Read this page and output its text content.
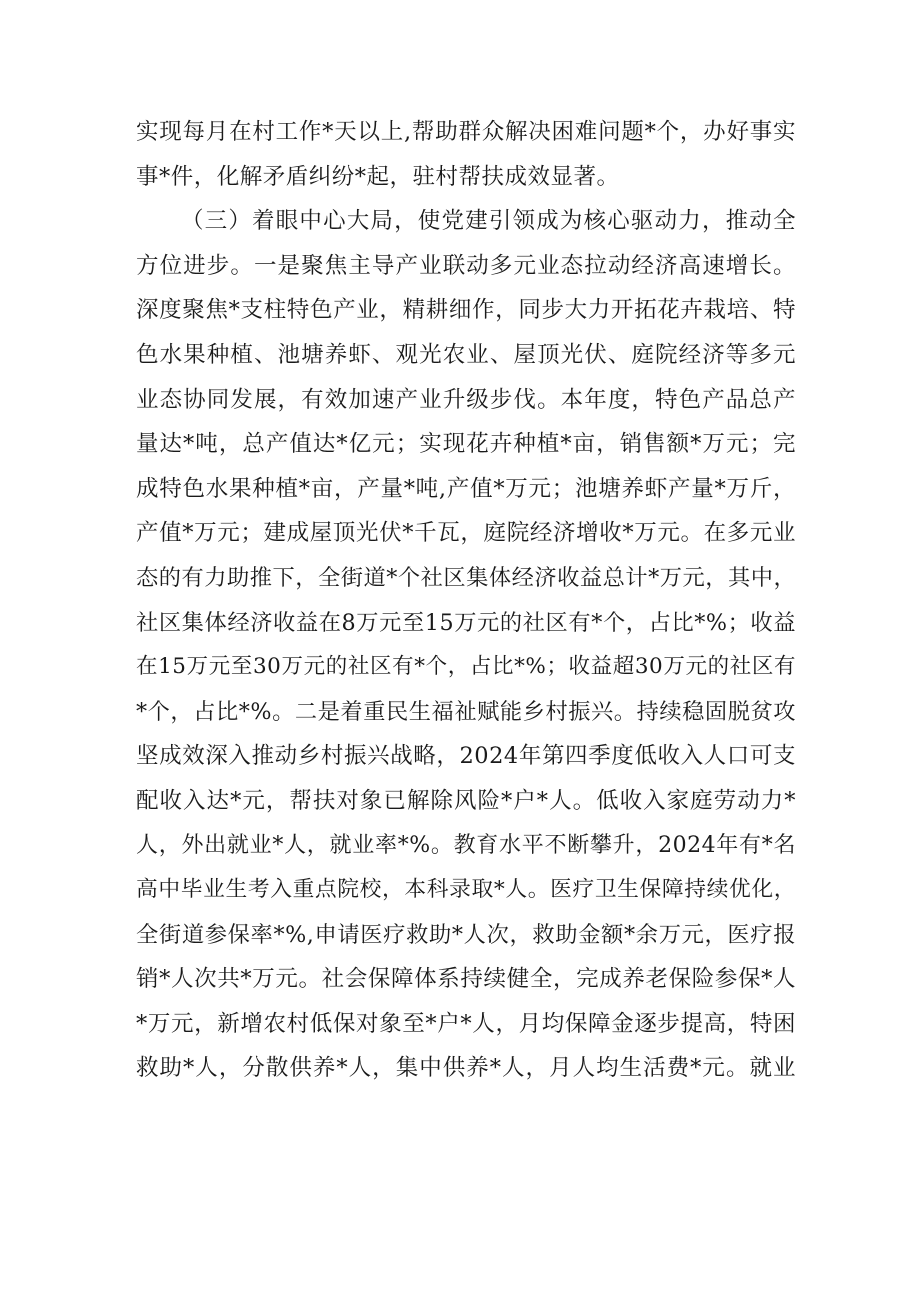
实现每月在村工作*天以上,帮助群众解决困难问题*个，办好事实
事*件，化解矛盾纠纷*起，驻村帮扶成效显著。
（三）着眼中心大局，使党建引领成为核心驱动力，推动全
方位进步。一是聚焦主导产业联动多元业态拉动经济高速增长。
深度聚焦*支柱特色产业，精耕细作，同步大力开拓花卉栽培、特
色水果种植、池塘养虾、观光农业、屋顶光伏、庭院经济等多元
业态协同发展，有效加速产业升级步伐。本年度，特色产品总产
量达*吨，总产值达*亿元；实现花卉种植*亩，销售额*万元；完
成特色水果种植*亩，产量*吨,产值*万元；池塘养虾产量*万斤，
产值*万元；建成屋顶光伏*千瓦，庭院经济增收*万元。在多元业
态的有力助推下，全街道*个社区集体经济收益总计*万元，其中，
社区集体经济收益在8万元至15万元的社区有*个，占比*%；收益
在15万元至30万元的社区有*个，占比*%；收益超30万元的社区有
*个，占比*%。二是着重民生福祉赋能乡村振兴。持续稳固脱贫攻
坚成效深入推动乡村振兴战略，2024年第四季度低收入人口可支
配收入达*元，帮扶对象已解除风险*户*人。低收入家庭劳动力*
人，外出就业*人，就业率*%。教育水平不断攀升，2024年有*名
高中毕业生考入重点院校，本科录取*人。医疗卫生保障持续优化，
全街道参保率*%,申请医疗救助*人次，救助金额*余万元，医疗报
销*人次共*万元。社会保障体系持续健全，完成养老保险参保*人
*万元，新增农村低保对象至*户*人，月均保障金逐步提高，特困
救助*人，分散供养*人，集中供养*人，月人均生活费*元。就业
